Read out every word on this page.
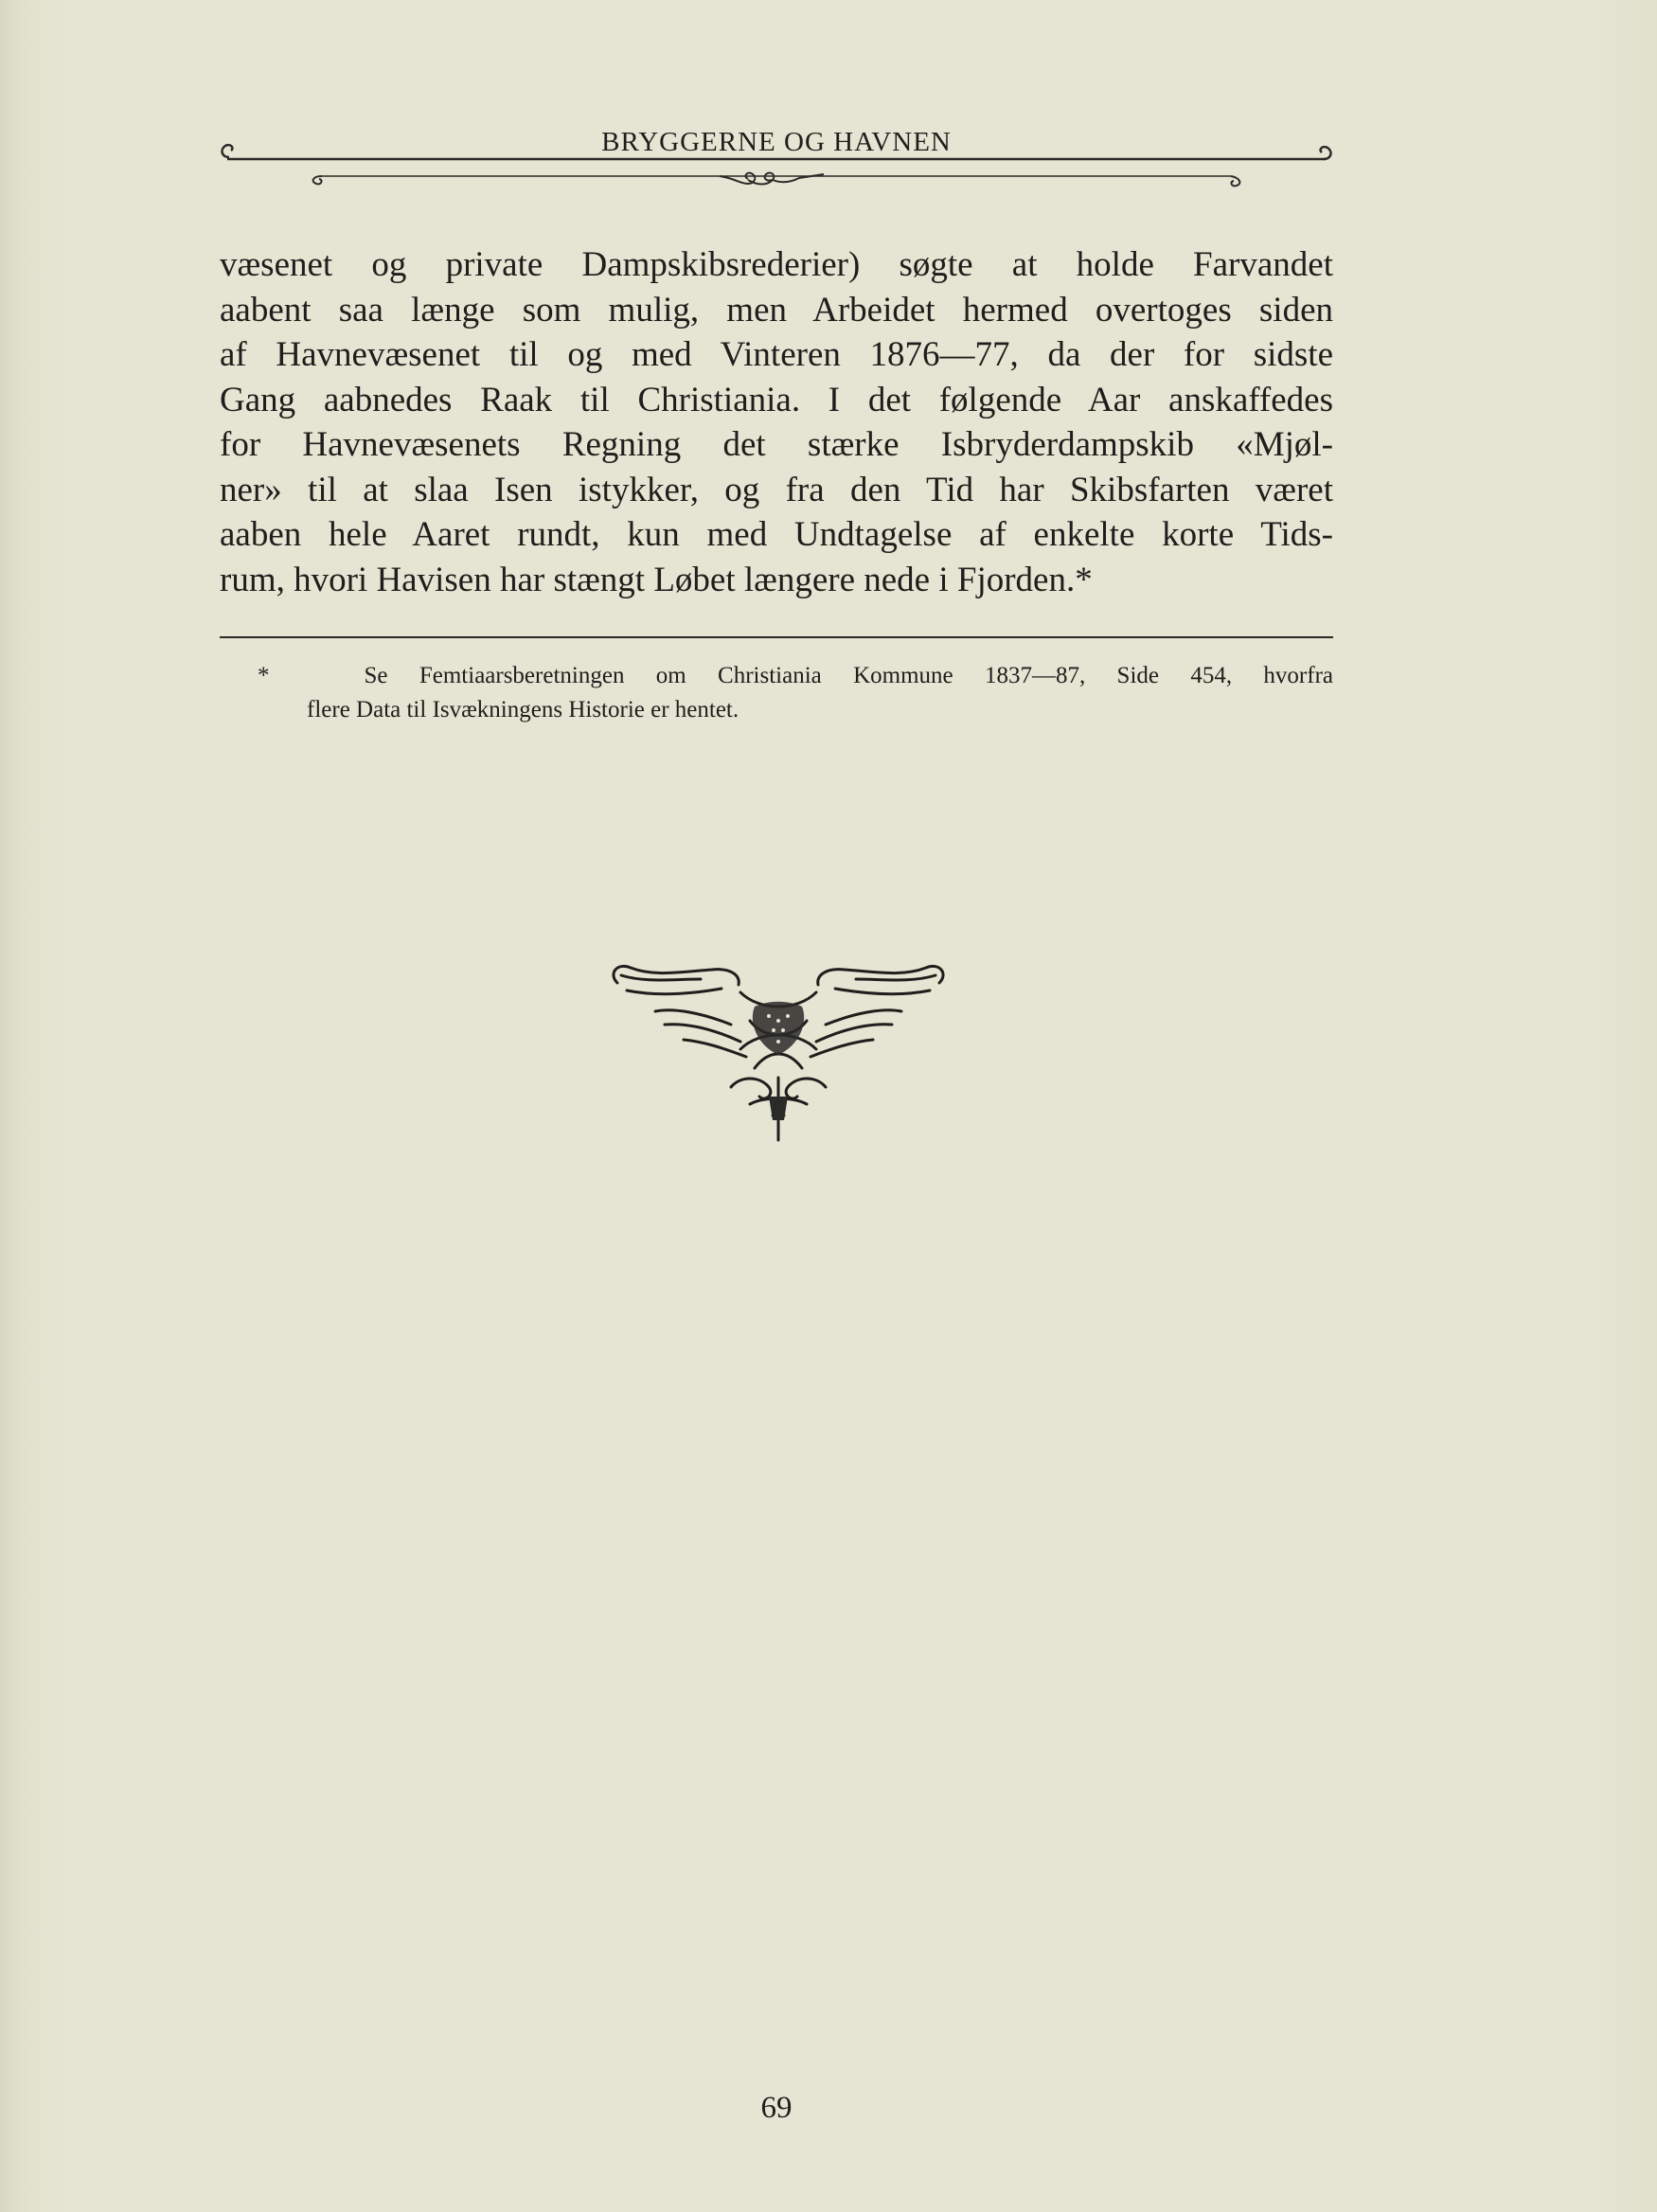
BRYGGERNE OG HAVNEN
væsenet og private Dampskibsrederier) søgte at holde Farvandet
aabent saa længe som mulig, men Arbeidet hermed overtoges siden
af Havnevæsenet til og med Vinteren 1876—77, da der for sidste
Gang aabnedes Raak til Christiania. I det følgende Aar anskaffedes
for Havnevæsenets Regning det stærke Isbryderdampskib «Mjøl-
ner» til at slaa Isen istykker, og fra den Tid har Skibsfarten været
aaben hele Aaret rundt, kun med Undtagelse af enkelte korte Tids-
rum, hvori Havisen har stængt Løbet længere nede i Fjorden.*
*	Se Femtiaarsberetningen om Christiania Kommune 1837—87, Side 454, hvorfra
flere Data til Isvækningens Historie er hentet.
69
